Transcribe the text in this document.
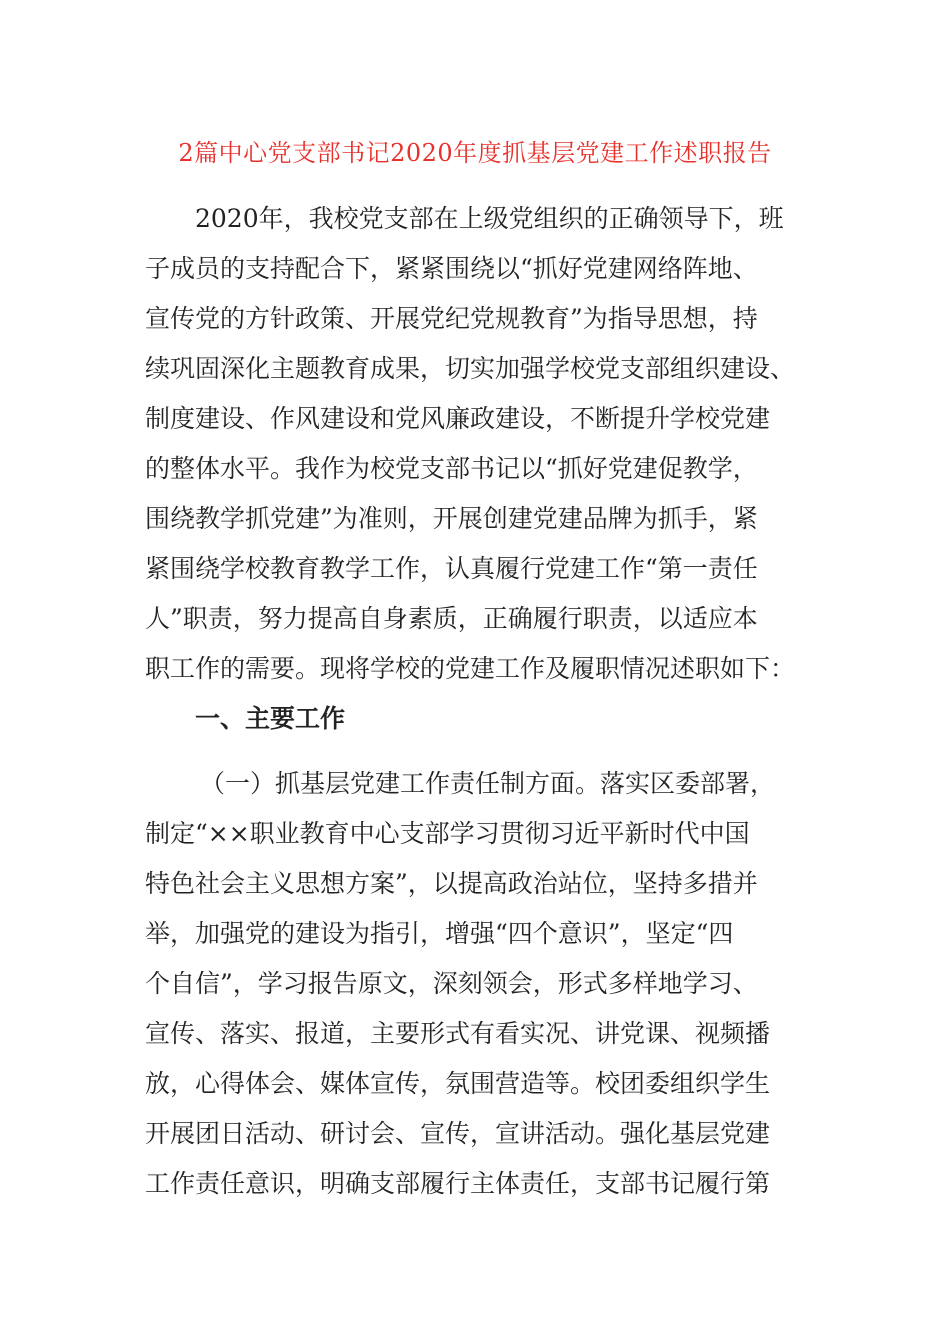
2篇中心党支部书记2020年度抓基层党建工作述职报告
2020年，我校党支部在上级党组织的正确领导下，班
子成员的支持配合下，紧紧围绕以“抓好党建网络阵地、
宣传党的方针政策、开展党纪党规教育”为指导思想，持
续巩固深化主题教育成果，切实加强学校党支部组织建设、
制度建设、作风建设和党风廉政建设，不断提升学校党建
的整体水平。我作为校党支部书记以“抓好党建促教学，
围绕教学抓党建”为准则，开展创建党建品牌为抓手，紧
紧围绕学校教育教学工作，认真履行党建工作“第一责任
人”职责，努力提高自身素质，正确履行职责，以适应本
职工作的需要。现将学校的党建工作及履职情况述职如下：
一、主要工作
（一）抓基层党建工作责任制方面。落实区委部署，
制定“××职业教育中心支部学习贯彻习近平新时代中国
特色社会主义思想方案”，以提高政治站位，坚持多措并
举，加强党的建设为指引，增强“四个意识”，坚定“四
个自信”，学习报告原文，深刻领会，形式多样地学习、
宣传、落实、报道，主要形式有看实况、讲党课、视频播
放，心得体会、媒体宣传，氛围营造等。校团委组织学生
开展团日活动、研讨会、宣传，宣讲活动。强化基层党建
工作责任意识，明确支部履行主体责任，支部书记履行第
